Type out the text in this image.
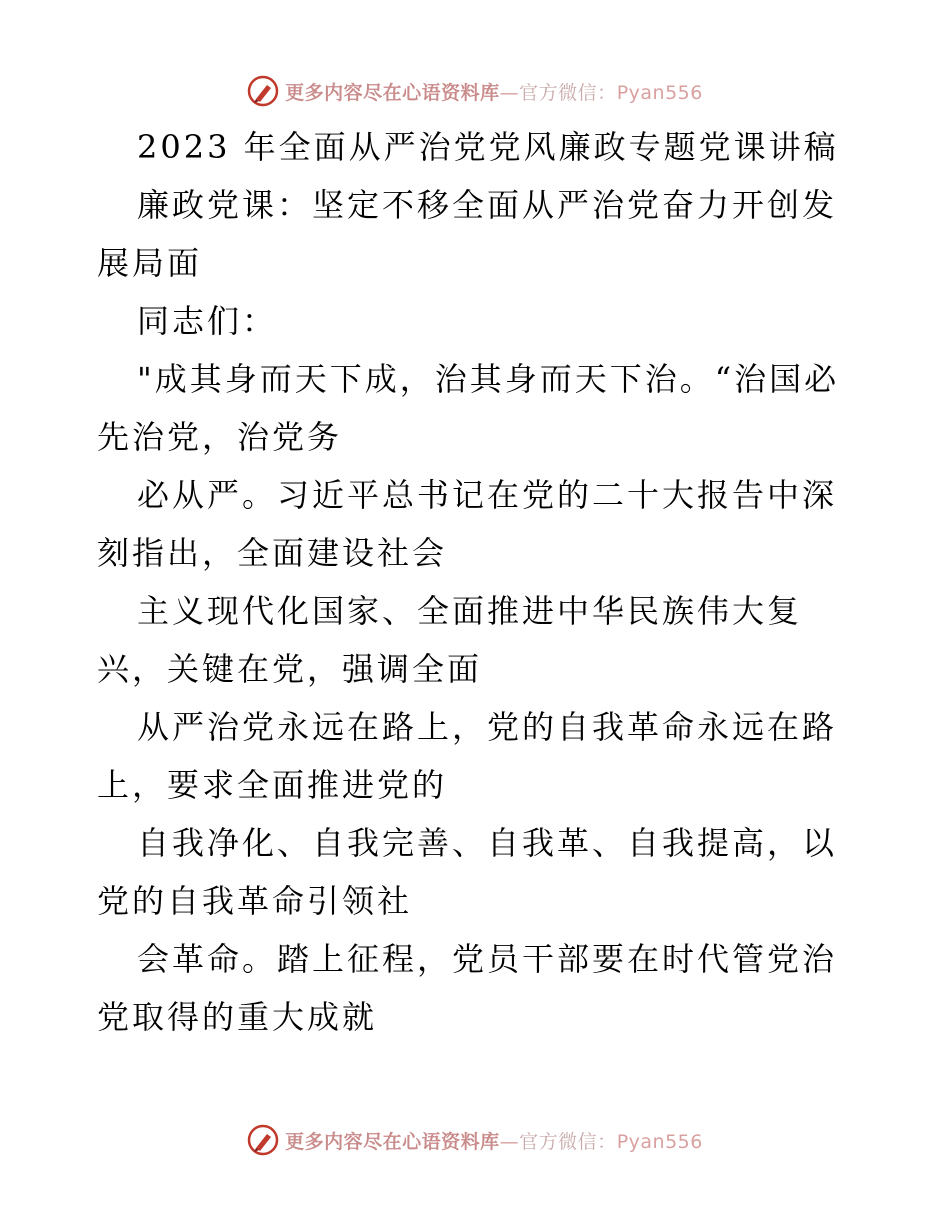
更多内容尽在心语资料库—官方微信：Pyan556

2023 年全面从严治党党风廉政专题党课讲稿

廉政党课：坚定不移全面从严治党奋力开创发展局面

同志们：

"成其身而天下成，治其身而天下治。“治国必先治党，治党务

必从严。习近平总书记在党的二十大报告中深刻指出，全面建设社会

主义现代化国家、全面推进中华民族伟大复兴，关键在党，强调全面

从严治党永远在路上，党的自我革命永远在路上，要求全面推进党的

自我净化、自我完善、自我革、自我提高，以党的自我革命引领社

会革命。踏上征程，党员干部要在时代管党治党取得的重大成就

更多内容尽在心语资料库—官方微信：Pyan556
